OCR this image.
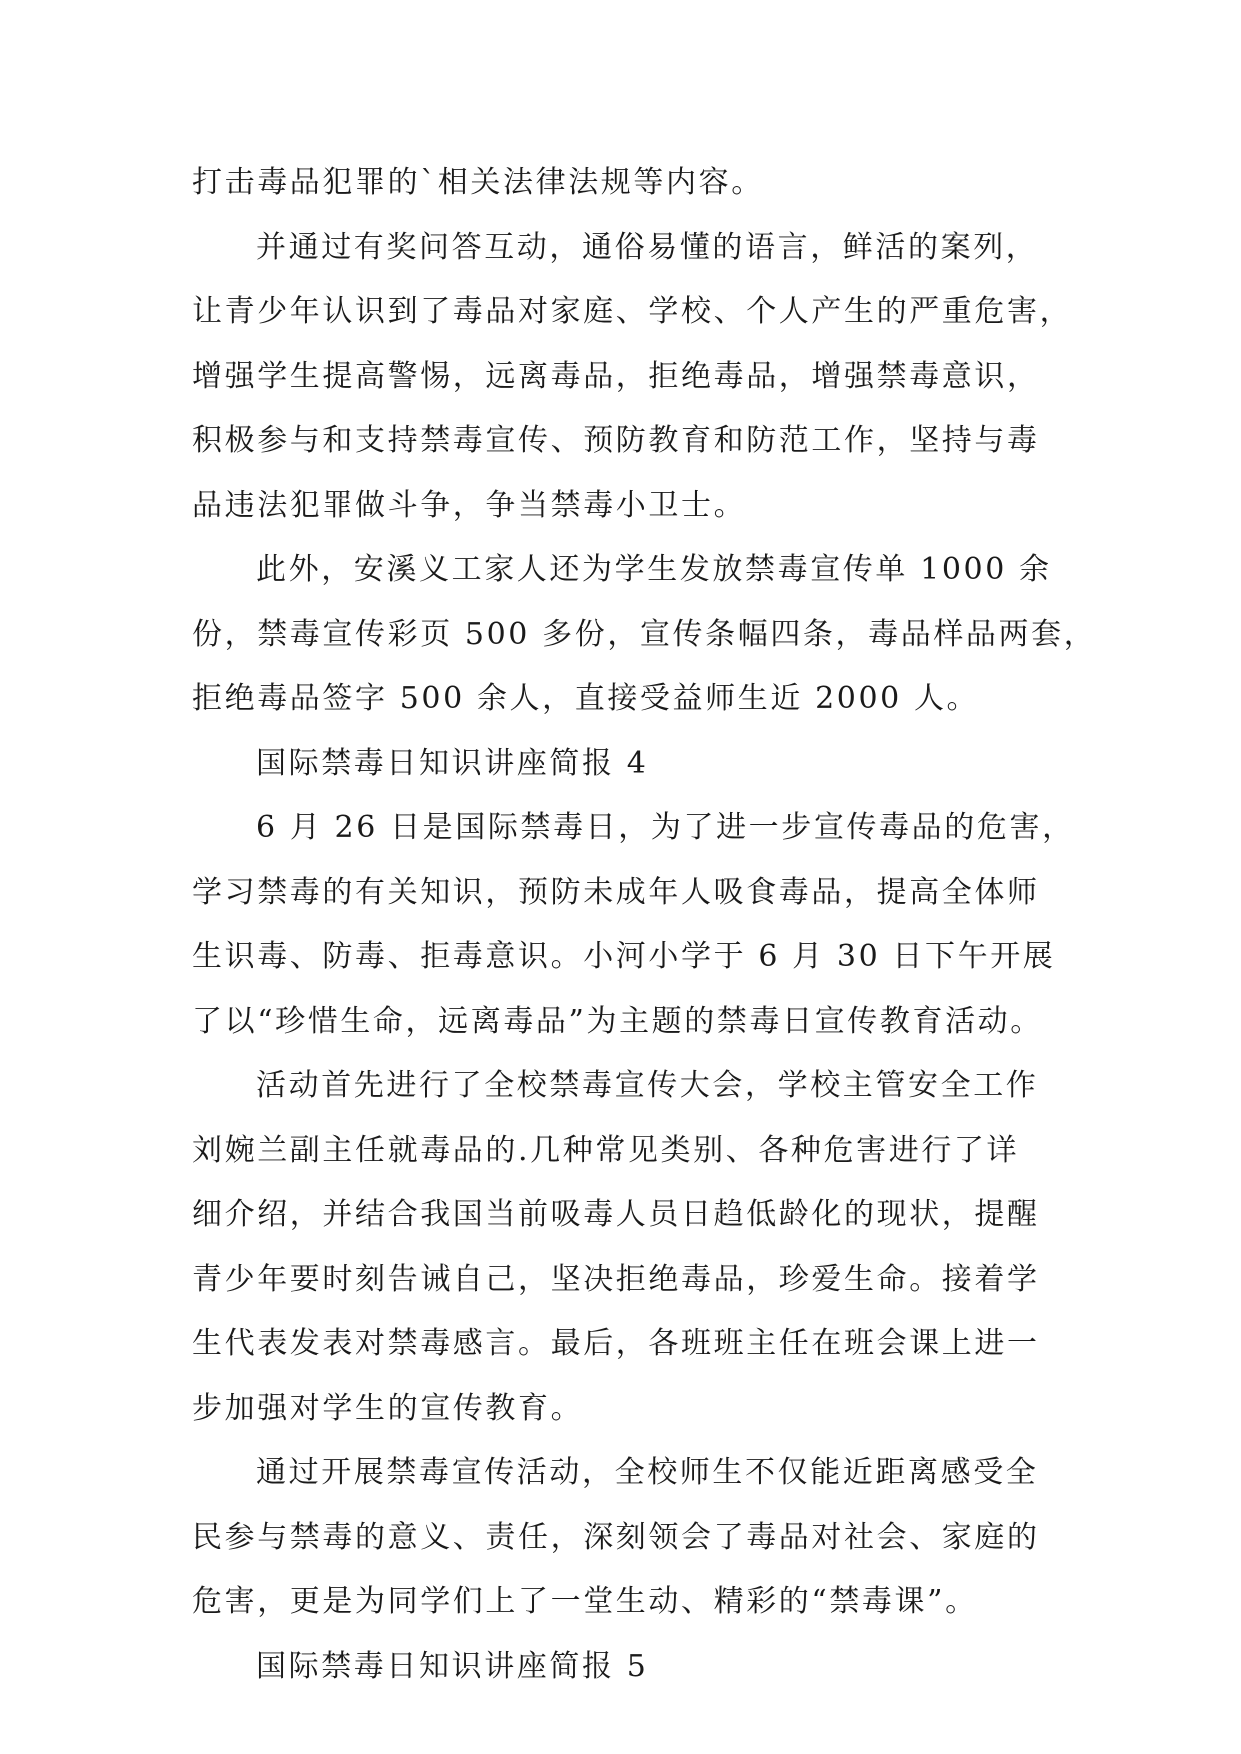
打击毒品犯罪的`相关法律法规等内容。
并通过有奖问答互动，通俗易懂的语言，鲜活的案列，
让青少年认识到了毒品对家庭、学校、个人产生的严重危害，
增强学生提高警惕，远离毒品，拒绝毒品，增强禁毒意识，
积极参与和支持禁毒宣传、预防教育和防范工作，坚持与毒
品违法犯罪做斗争，争当禁毒小卫士。
此外，安溪义工家人还为学生发放禁毒宣传单 1000 余
份，禁毒宣传彩页 500 多份，宣传条幅四条，毒品样品两套，
拒绝毒品签字 500 余人，直接受益师生近 2000 人。
国际禁毒日知识讲座简报 4
6 月 26 日是国际禁毒日，为了进一步宣传毒品的危害，
学习禁毒的有关知识，预防未成年人吸食毒品，提高全体师
生识毒、防毒、拒毒意识。小河小学于 6 月 30 日下午开展
了以“珍惜生命，远离毒品”为主题的禁毒日宣传教育活动。
活动首先进行了全校禁毒宣传大会，学校主管安全工作
刘婉兰副主任就毒品的.几种常见类别、各种危害进行了详
细介绍，并结合我国当前吸毒人员日趋低龄化的现状，提醒
青少年要时刻告诫自己，坚决拒绝毒品，珍爱生命。接着学
生代表发表对禁毒感言。最后，各班班主任在班会课上进一
步加强对学生的宣传教育。
通过开展禁毒宣传活动，全校师生不仅能近距离感受全
民参与禁毒的意义、责任，深刻领会了毒品对社会、家庭的
危害，更是为同学们上了一堂生动、精彩的“禁毒课”。
国际禁毒日知识讲座简报 5
